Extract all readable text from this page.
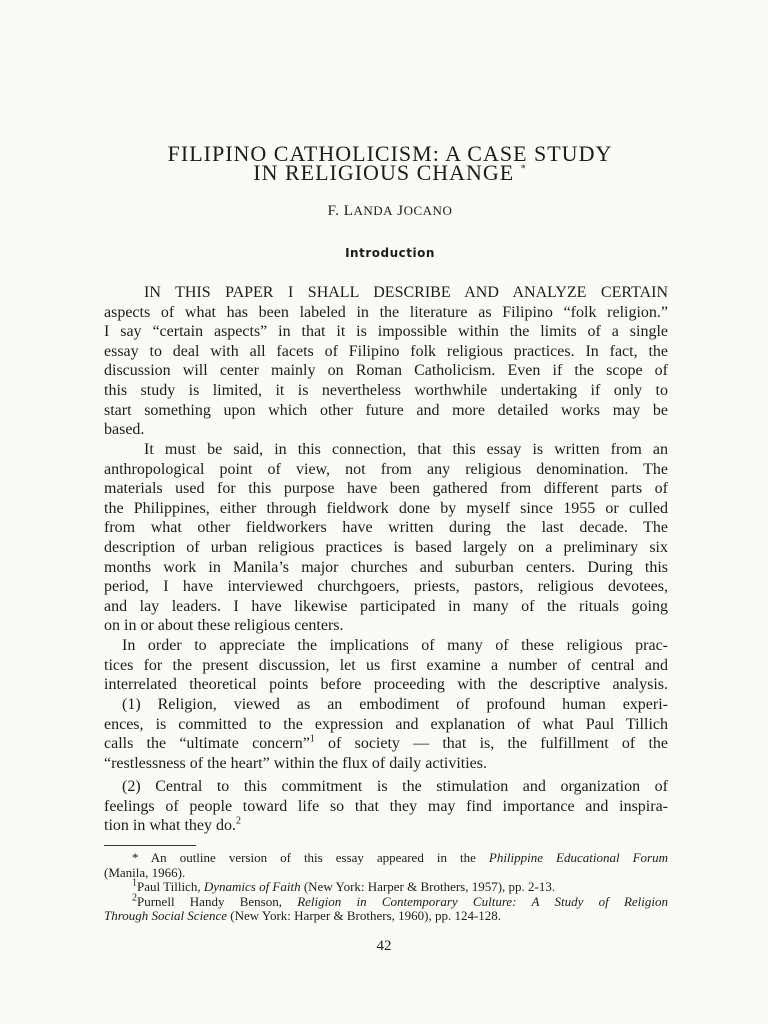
FILIPINO CATHOLICISM: A CASE STUDY
IN RELIGIOUS CHANGE *
F. LANDA JOCANO
Introduction
IN THIS PAPER I SHALL DESCRIBE AND ANALYZE CERTAIN
aspects of what has been labeled in the literature as Filipino “folk religion.”
I say “certain aspects” in that it is impossible within the limits of a single
essay to deal with all facets of Filipino folk religious practices. In fact, the
discussion will center mainly on Roman Catholicism. Even if the scope of
this study is limited, it is nevertheless worthwhile undertaking if only to
start something upon which other future and more detailed works may be
based.
It must be said, in this connection, that this essay is written from an
anthropological point of view, not from any religious denomination. The
materials used for this purpose have been gathered from different parts of
the Philippines, either through fieldwork done by myself since 1955 or culled
from what other fieldworkers have written during the last decade. The
description of urban religious practices is based largely on a preliminary six
months work in Manila’s major churches and suburban centers. During this
period, I have interviewed churchgoers, priests, pastors, religious devotees,
and lay leaders. I have likewise participated in many of the rituals going
on in or about these religious centers.
In order to appreciate the implications of many of these religious prac-
tices for the present discussion, let us first examine a number of central and
interrelated theoretical points before proceeding with the descriptive analysis.
(1) Religion, viewed as an embodiment of profound human experi-
ences, is committed to the expression and explanation of what Paul Tillich
calls the “ultimate concern”$^1$ of society — that is, the fulfillment of the
“restlessness of the heart” within the flux of daily activities.
(2) Central to this commitment is the stimulation and organization of
feelings of people toward life so that they may find importance and inspira-
tion in what they do.$^2$
* An outline version of this essay appeared in the Philippine Educational Forum
(Manila, 1966).
$^1$Paul Tillich, Dynamics of Faith (New York: Harper & Brothers, 1957), pp. 2-13.
$^2$Purnell Handy Benson, Religion in Contemporary Culture: A Study of Religion
Through Social Science (New York: Harper & Brothers, 1960), pp. 124-128.
42
